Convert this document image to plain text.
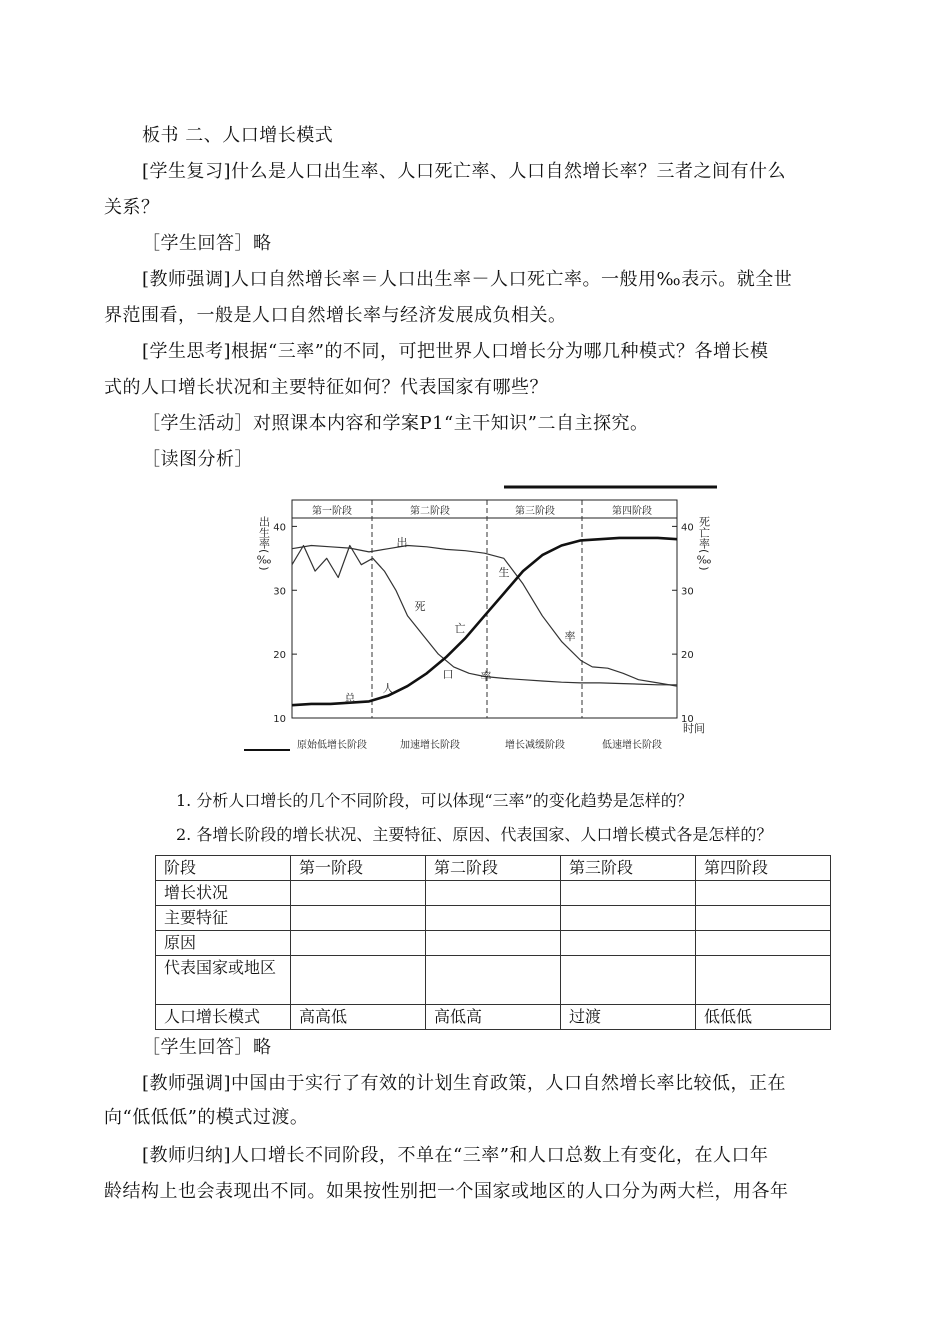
板书 二、人口增长模式
[学生复习]什么是人口出生率、人口死亡率、人口自然增长率？三者之间有什么
关系？
［学生回答］略
[教师强调]人口自然增长率＝人口出生率－人口死亡率。一般用‰表示。就全世
界范围看，一般是人口自然增长率与经济发展成负相关。
[学生思考]根据“三率”的不同，可把世界人口增长分为哪几种模式？各增长模
式的人口增长状况和主要特征如何？代表国家有哪些？
［学生活动］对照课本内容和学案P1“主干知识”二自主探究。
［读图分析］
第一阶段	第二阶段	第三阶段	第四阶段
10
20
30
40
10
20
30
40
出生率(‰)	死亡率(‰)
时间
出
生
率
死
亡
率
总
人
口
原始低增长阶段	加速增长阶段	增长减缓阶段	低速增长阶段
1. 分析人口增长的几个不同阶段，可以体现“三率”的变化趋势是怎样的？
2. 各增长阶段的增长状况、主要特征、原因、代表国家、人口增长模式各是怎样的？
阶段	第一阶段	第二阶段	第三阶段	第四阶段
增长状况				
主要特征				
原因				
代表国家或地区				
人口增长模式	高高低	高低高	过渡	低低低
［学生回答］略
[教师强调]中国由于实行了有效的计划生育政策，人口自然增长率比较低，正在
向“低低低”的模式过渡。
[教师归纳]人口增长不同阶段，不单在“三率”和人口总数上有变化，在人口年
龄结构上也会表现出不同。如果按性别把一个国家或地区的人口分为两大栏，用各年
